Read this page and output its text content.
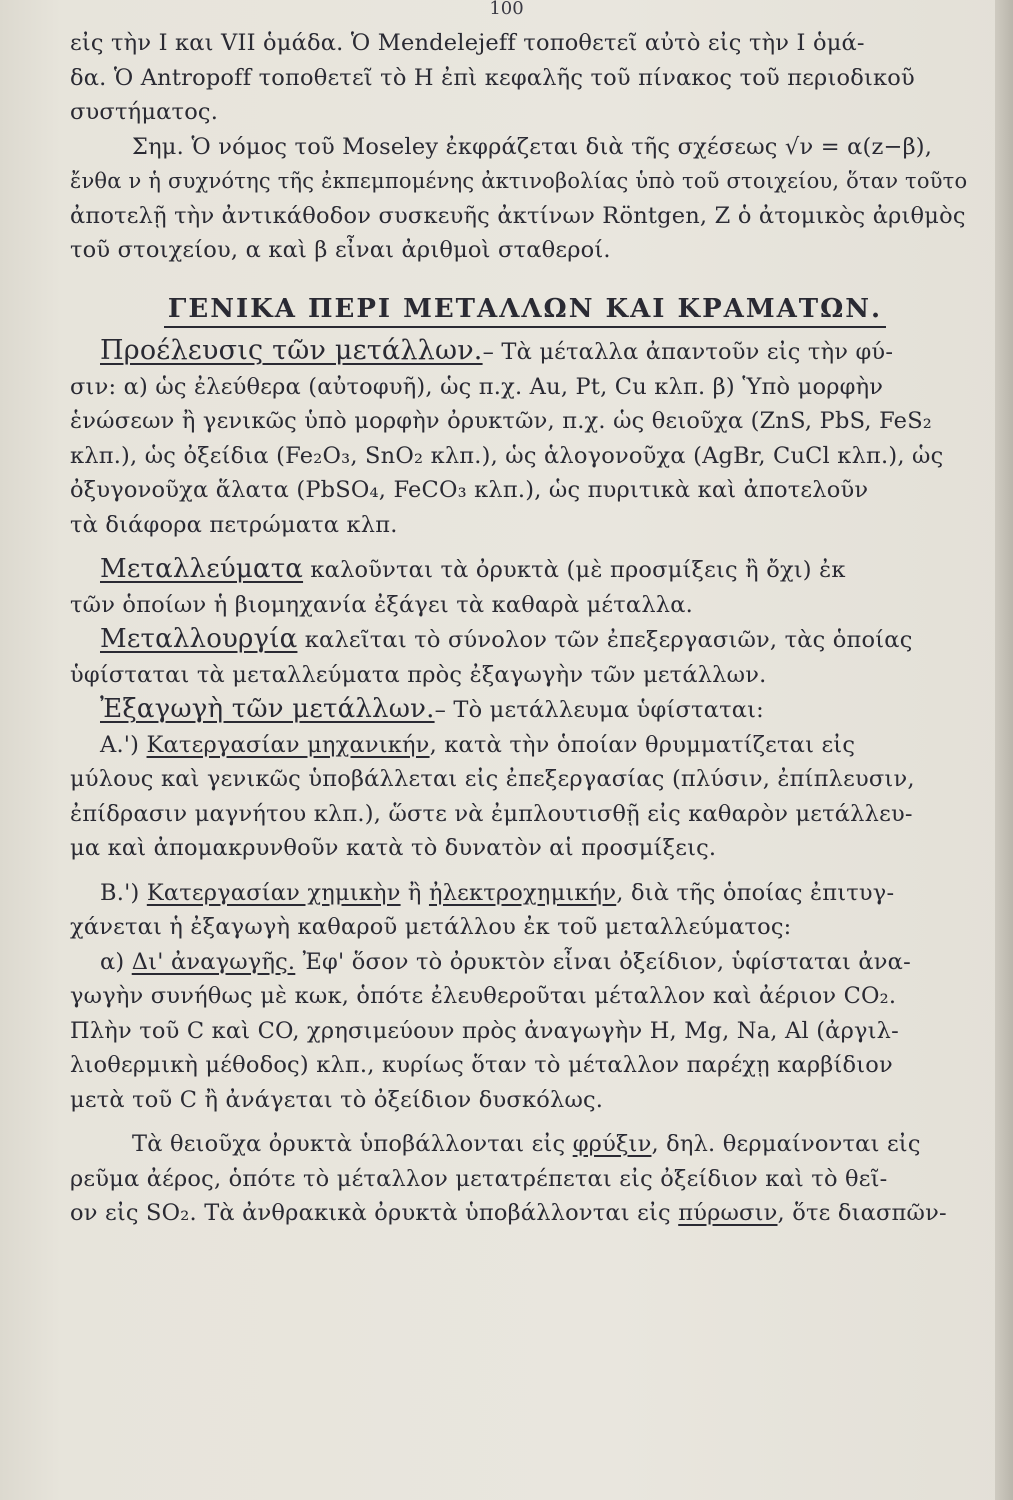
100
εἰς τὴν I και VII ὁμάδα. Ὁ Mendelejeff τοποθετεῖ αὐτὸ εἰς τὴν I ὁμά-
δα. Ὁ Antropoff τοποθετεῖ τὸ H ἐπὶ κεφαλῆς τοῦ πίνακος τοῦ περιοδικοῦ
συστήματος.
Σημ. Ὁ νόμος τοῦ Moseley ἐκφράζεται διὰ τῆς σχέσεως √ν = α(z−β),
ἔνθα ν ἡ συχνότης τῆς ἐκπεμπομένης ἀκτινοβολίας ὑπὸ τοῦ στοιχείου, ὅταν τοῦτο
ἀποτελῇ τὴν ἀντικάθοδον συσκευῆς ἀκτίνων Röntgen, Z ὁ ἀτομικὸς ἀριθμὸς
τοῦ στοιχείου, α καὶ β εἶναι ἀριθμοὶ σταθεροί.
ΓΕΝΙΚΑ ΠΕΡΙ ΜΕΤΑΛΛΩΝ ΚΑΙ ΚΡΑΜΑΤΩΝ.
Προέλευσις τῶν μετάλλων.– Τὰ μέταλλα ἀπαντοῦν εἰς τὴν φύ-
σιν: α) ὡς ἐλεύθερα (αὐτοφυῆ), ὡς π.χ. Au, Pt, Cu κλπ. β) Ὑπὸ μορφὴν
ἑνώσεων ἢ γενικῶς ὑπὸ μορφὴν ὀρυκτῶν, π.χ. ὡς θειοῦχα (ZnS, PbS, FeS₂
κλπ.), ὡς ὀξείδια (Fe₂O₃, SnO₂ κλπ.), ὡς ἁλογονοῦχα (AgBr, CuCl κλπ.), ὡς
ὀξυγονοῦχα ἅλατα (PbSO₄, FeCO₃ κλπ.), ὡς πυριτικὰ καὶ ἀποτελοῦν
τὰ διάφορα πετρώματα κλπ.
Μεταλλεύματα καλοῦνται τὰ ὀρυκτὰ (μὲ προσμίξεις ἢ ὄχι) ἐκ
τῶν ὁποίων ἡ βιομηχανία ἐξάγει τὰ καθαρὰ μέταλλα.
Μεταλλουργία καλεῖται τὸ σύνολον τῶν ἐπεξεργασιῶν, τὰς ὁποίας
ὑφίσταται τὰ μεταλλεύματα πρὸς ἐξαγωγὴν τῶν μετάλλων.
Ἐξαγωγὴ τῶν μετάλλων.– Τὸ μετάλλευμα ὑφίσταται:
A.') Κατεργασίαν μηχανικήν, κατὰ τὴν ὁποίαν θρυμματίζεται εἰς
μύλους καὶ γενικῶς ὑποβάλλεται εἰς ἐπεξεργασίας (πλύσιν, ἐπίπλευσιν,
ἐπίδρασιν μαγνήτου κλπ.), ὥστε νὰ ἐμπλουτισθῇ εἰς καθαρὸν μετάλλευ-
μα καὶ ἀπομακρυνθοῦν κατὰ τὸ δυνατὸν αἱ προσμίξεις.
B.') Κατεργασίαν χημικὴν ἢ ἠλεκτροχημικήν, διὰ τῆς ὁποίας ἐπιτυγ-
χάνεται ἡ ἐξαγωγὴ καθαροῦ μετάλλου ἐκ τοῦ μεταλλεύματος:
α) Δι' ἀναγωγῆς. Ἐφ' ὅσον τὸ ὀρυκτὸν εἶναι ὀξείδιον, ὑφίσταται ἀνα-
γωγὴν συνήθως μὲ κωκ, ὁπότε ἐλευθεροῦται μέταλλον καὶ ἀέριον CO₂.
Πλὴν τοῦ C καὶ CO, χρησιμεύουν πρὸς ἀναγωγὴν H, Mg, Na, Al (ἀργιλ-
λιοθερμικὴ μέθοδος) κλπ., κυρίως ὅταν τὸ μέταλλον παρέχῃ καρβίδιον
μετὰ τοῦ C ἢ ἀνάγεται τὸ ὀξείδιον δυσκόλως.
Τὰ θειοῦχα ὀρυκτὰ ὑποβάλλονται εἰς φρύξιν, δηλ. θερμαίνονται εἰς
ρεῦμα ἀέρος, ὁπότε τὸ μέταλλον μετατρέπεται εἰς ὀξείδιον καὶ τὸ θεῖ-
ον εἰς SO₂. Τὰ ἀνθρακικὰ ὀρυκτὰ ὑποβάλλονται εἰς πύρωσιν, ὅτε διασπῶν-
